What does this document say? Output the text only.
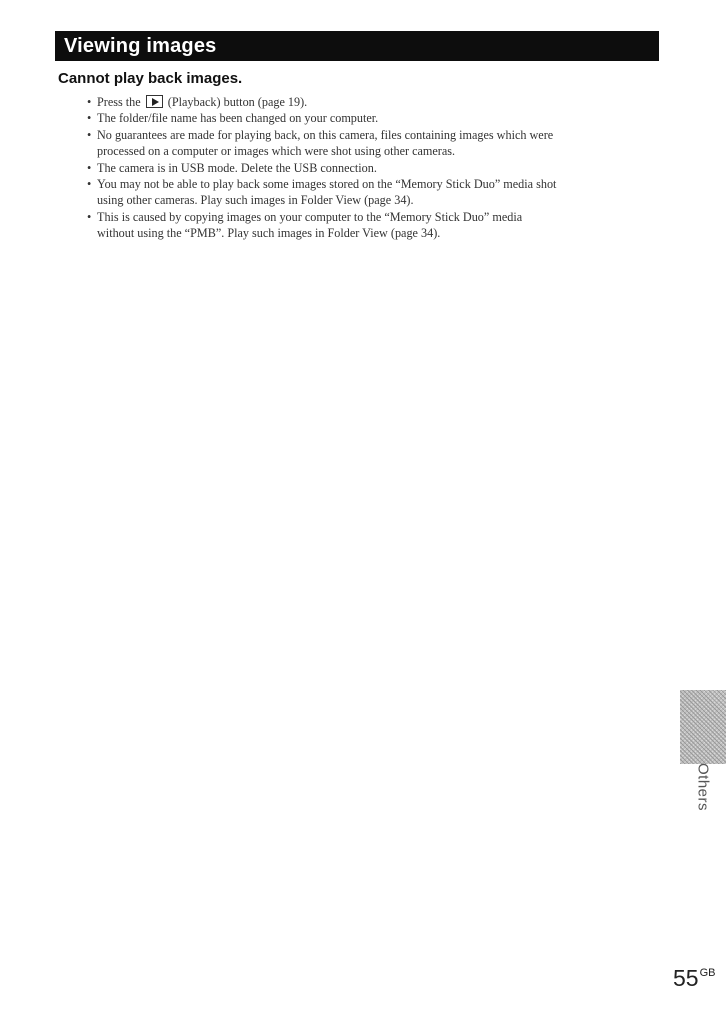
Viewing images
Cannot play back images.
• Press the (Playback) button (page 19).
• The folder/file name has been changed on your computer.
• No guarantees are made for playing back, on this camera, files containing images which were
processed on a computer or images which were shot using other cameras.
• The camera is in USB mode. Delete the USB connection.
• You may not be able to play back some images stored on the “Memory Stick Duo” media shot
using other cameras. Play such images in Folder View (page 34).
• This is caused by copying images on your computer to the “Memory Stick Duo” media
without using the “PMB”. Play such images in Folder View (page 34).
Others
$55^{GB}$
